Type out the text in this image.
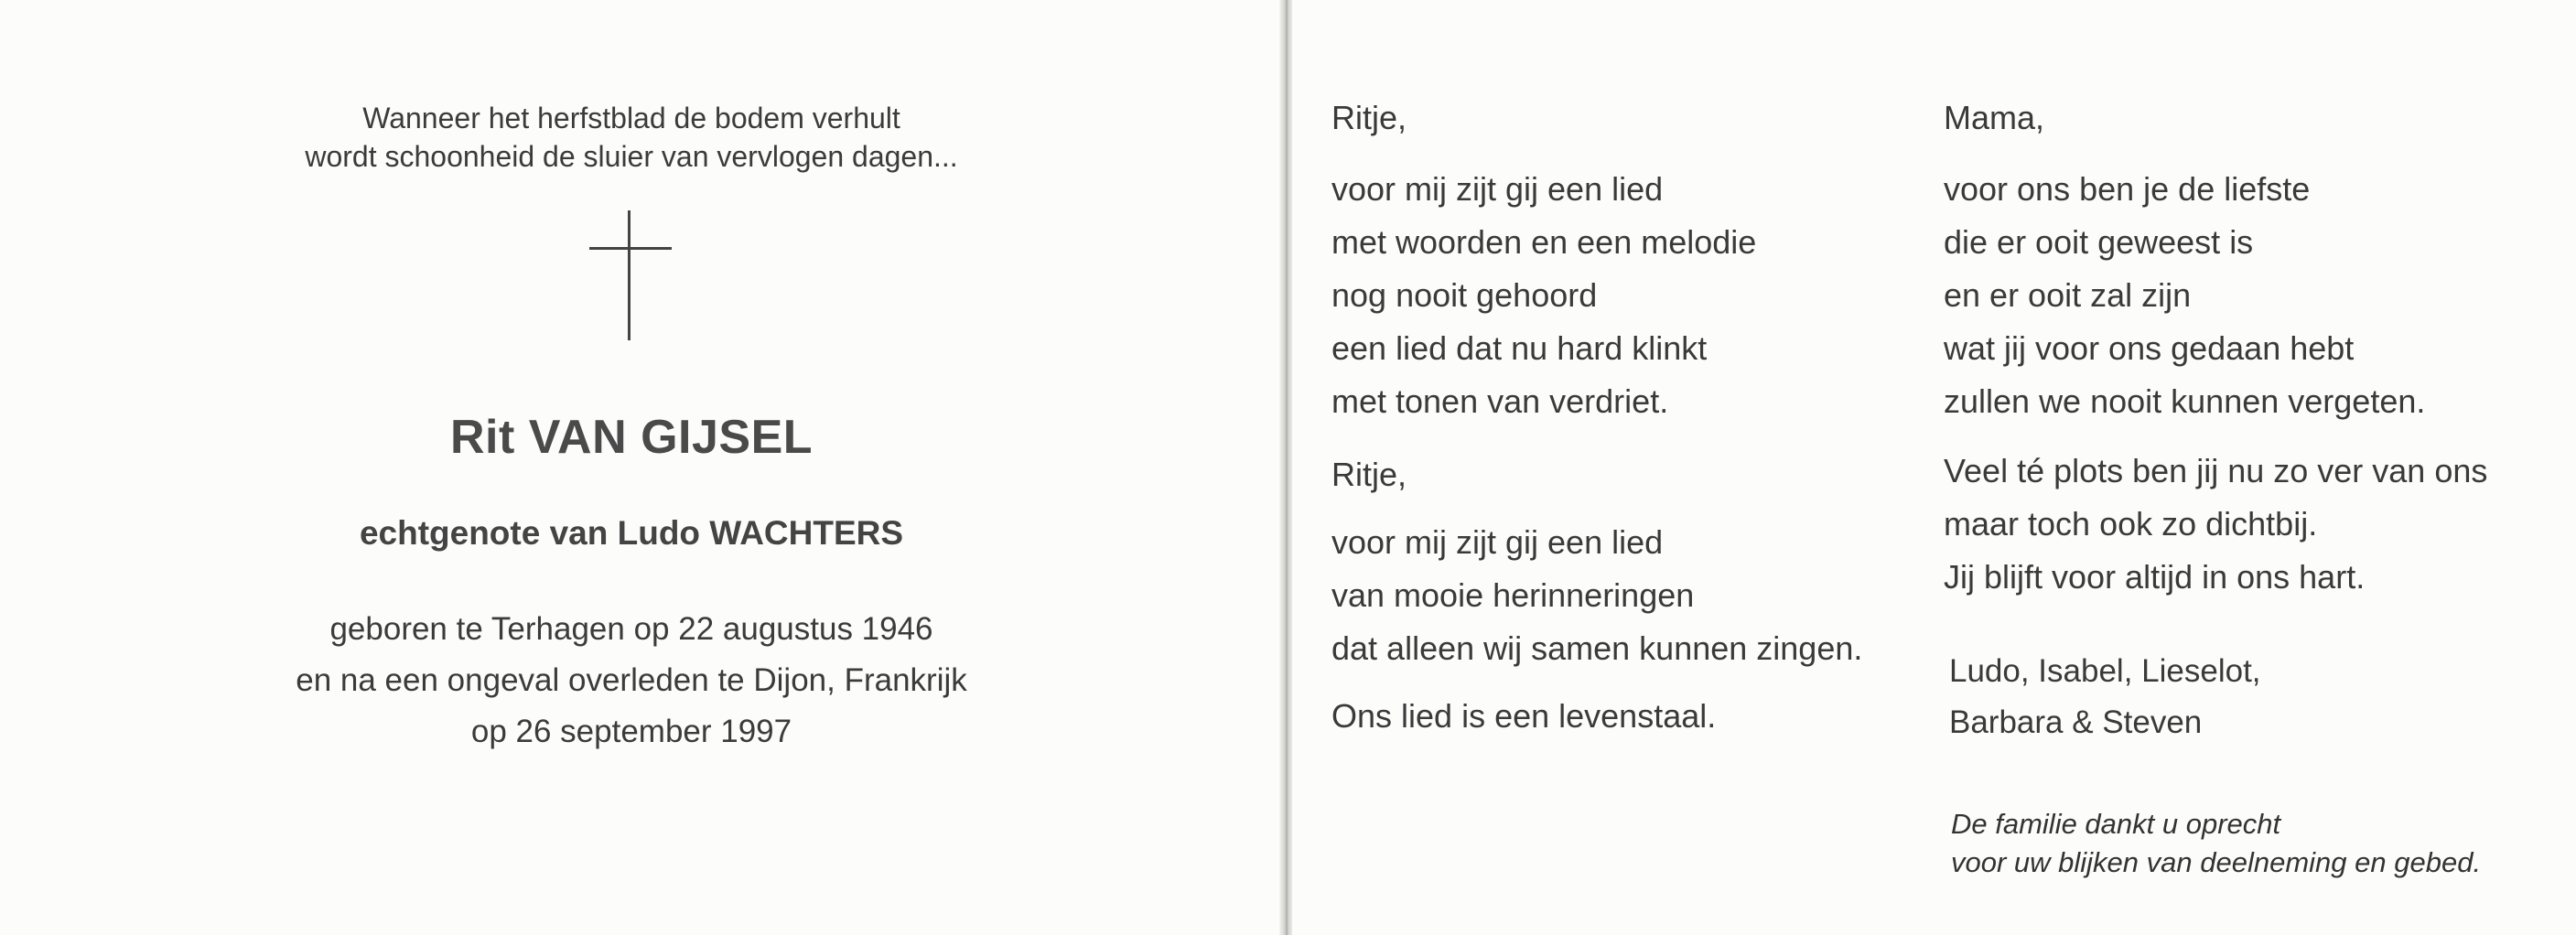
Wanneer het herfstblad de bodem verhult
wordt schoonheid de sluier van vervlogen dagen...
Rit VAN GIJSEL
echtgenote van Ludo WACHTERS
geboren te Terhagen op 22 augustus 1946
en na een ongeval overleden te Dijon, Frankrijk
op 26 september 1997
Ritje,
voor mij zijt gij een lied
met woorden en een melodie
nog nooit gehoord
een lied dat nu hard klinkt
met tonen van verdriet.
Ritje,
voor mij zijt gij een lied
van mooie herinneringen
dat alleen wij samen kunnen zingen.
Ons lied is een levenstaal.
Mama,
voor ons ben je de liefste
die er ooit geweest is
en er ooit zal zijn
wat jij voor ons gedaan hebt
zullen we nooit kunnen vergeten.
Veel té plots ben jij nu zo ver van ons
maar toch ook zo dichtbij.
Jij blijft voor altijd in ons hart.
Ludo, Isabel, Lieselot,
Barbara & Steven
De familie dankt u oprecht
voor uw blijken van deelneming en gebed.
